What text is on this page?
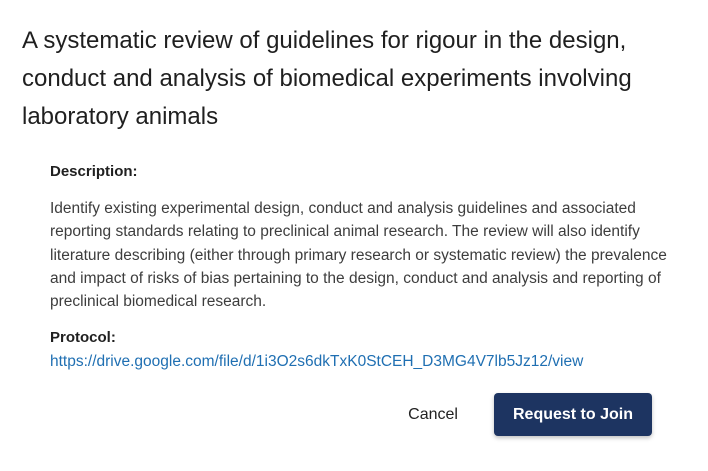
A systematic review of guidelines for rigour in the design, conduct and analysis of biomedical experiments involving laboratory animals

Description:

Identify existing experimental design, conduct and analysis guidelines and associated reporting standards relating to preclinical animal research. The review will also identify literature describing (either through primary research or systematic review) the prevalence and impact of risks of bias pertaining to the design, conduct and analysis and reporting of preclinical biomedical research.

Protocol:

https://drive.google.com/file/d/1i3O2s6dkTxK0StCEH_D3MG4V7lb5Jz12/view
Cancel	Request to Join
